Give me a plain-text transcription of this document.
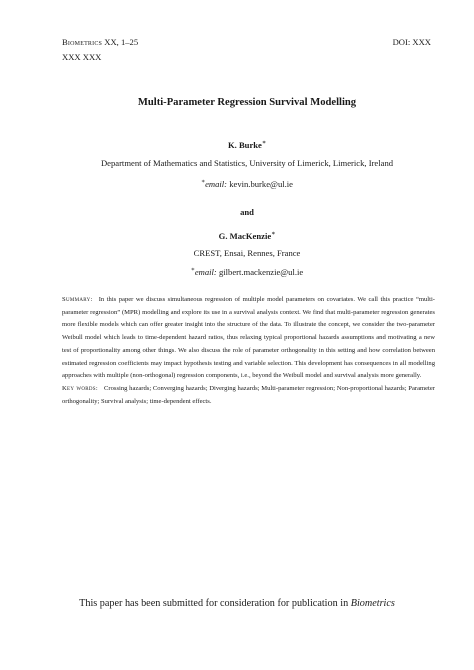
Biometrics XX, 1–25
XXX XXX
DOI: XXX
Multi-Parameter Regression Survival Modelling
K. Burke∗
Department of Mathematics and Statistics, University of Limerick, Limerick, Ireland
∗email: kevin.burke@ul.ie
and
G. MacKenzie∗
CREST, Ensai, Rennes, France
∗email: gilbert.mackenzie@ul.ie

Summary: In this paper we discuss simultaneous regression of multiple model parameters on covariates. We call this practice “multi-parameter regression” (MPR) modelling and explore its use in a survival analysis context. We find that multi-parameter regression generates more flexible models which can offer greater insight into the structure of the data. To illustrate the concept, we consider the two-parameter Weibull model which leads to time-dependent hazard ratios, thus relaxing typical proportional hazards assumptions and motivating a new test of proportionality among other things. We also discuss the role of parameter orthogonality in this setting and how correlation between estimated regression coefficients may impact hypothesis testing and variable selection. This development has consequences in all modelling approaches with multiple (non-orthogonal) regression components, i.e., beyond the Weibull model and survival analysis more generally.

Key words: Crossing hazards; Converging hazards; Diverging hazards; Multi-parameter regression; Non-proportional hazards; Parameter orthogonality; Survival analysis; time-dependent effects.

This paper has been submitted for consideration for publication in Biometrics
